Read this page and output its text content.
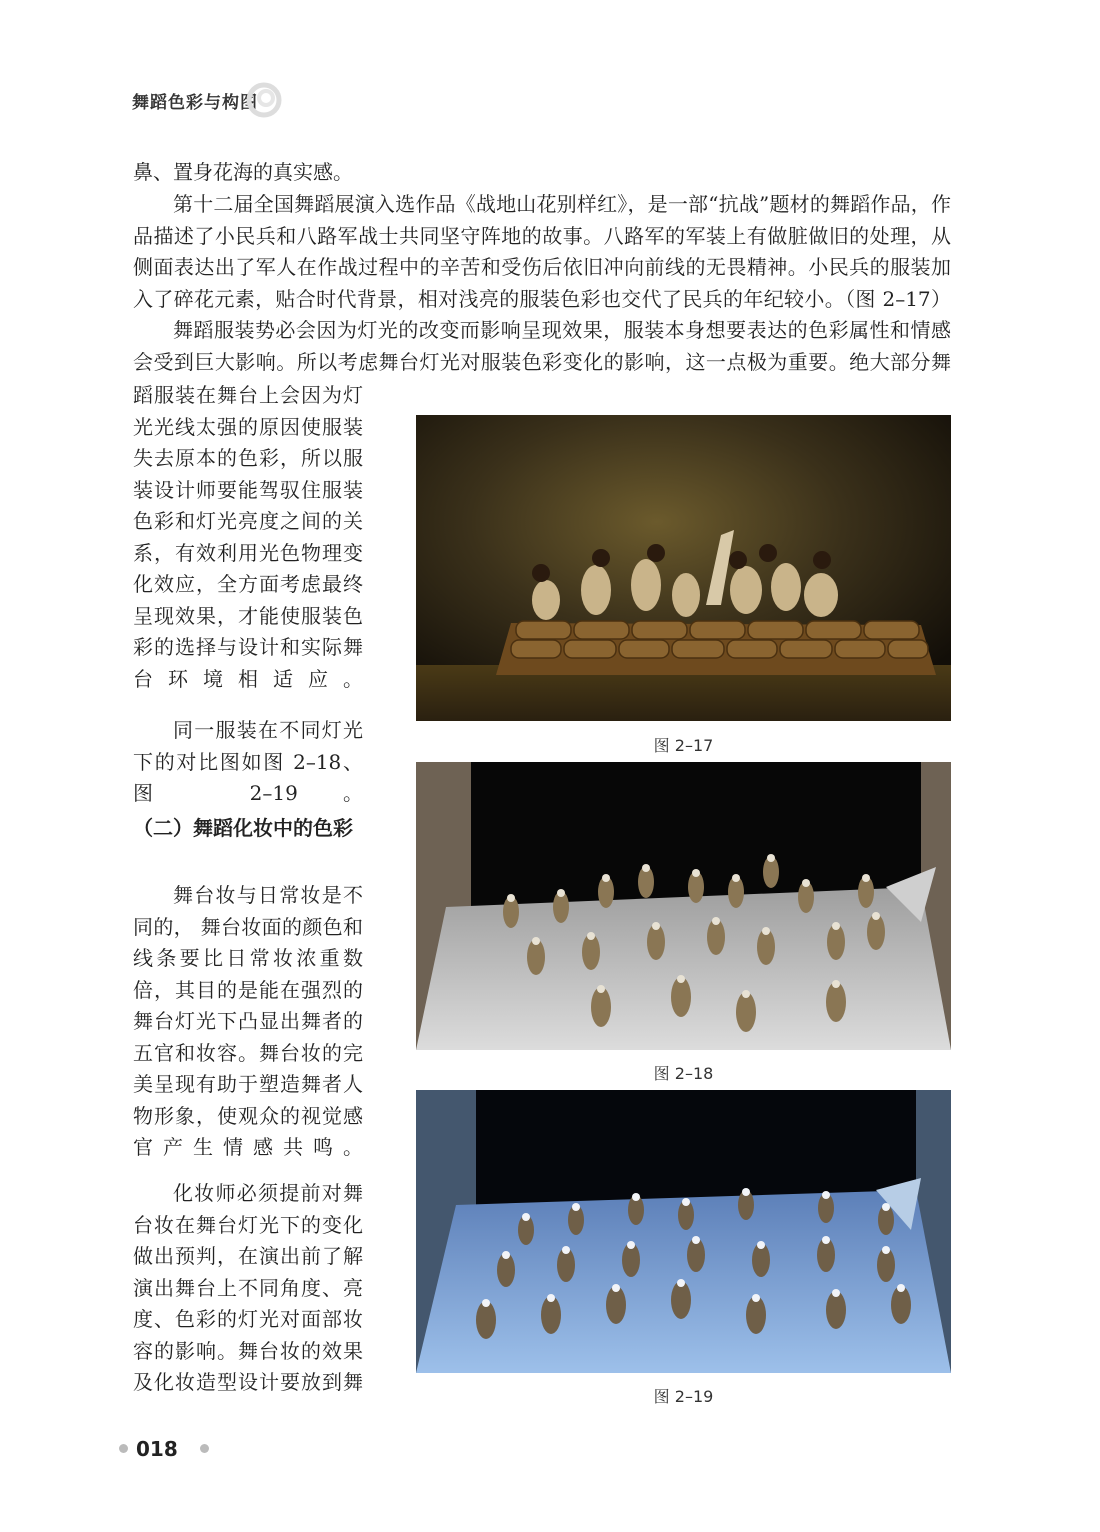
舞蹈色彩与构图

鼻、置身花海的真实感。

第十二届全国舞蹈展演入选作品《战地山花别样红》，是一部“抗战”题材的舞蹈作品，作品描述了小民兵和八路军战士共同坚守阵地的故事。八路军的军装上有做脏做旧的处理，从侧面表达出了军人在作战过程中的辛苦和受伤后依旧冲向前线的无畏精神。小民兵的服装加入了碎花元素，贴合时代背景，相对浅亮的服装色彩也交代了民兵的年纪较小。（图 2–17）

舞蹈服装势必会因为灯光的改变而影响呈现效果，服装本身想要表达的色彩属性和情感会受到巨大影响。所以考虑舞台灯光对服装色彩变化的影响，这一点极为重要。绝大部分舞

蹈服装在舞台上会因为灯光光线太强的原因使服装失去原本的色彩，所以服装设计师要能驾驭住服装色彩和灯光亮度之间的关系，有效利用光色物理变化效应，全方面考虑最终呈现效果，才能使服装色彩的选择与设计和实际舞台环境相适应。

同一服装在不同灯光下的对比图如图 2–18、图 2–19。

（二）舞蹈化妆中的色彩

舞台妆与日常妆是不同的， 舞台妆面的颜色和线条要比日常妆浓重数倍，其目的是能在强烈的舞台灯光下凸显出舞者的五官和妆容。舞台妆的完美呈现有助于塑造舞者人物形象，使观众的视觉感官产生情感共鸣。

化妆师必须提前对舞台妆在舞台灯光下的变化做出预判，在演出前了解演出舞台上不同角度、亮度、色彩的灯光对面部妆容的影响。舞台妆的效果及化妆造型设计要放到舞

图 2–17
图 2–18
图 2–19
018
